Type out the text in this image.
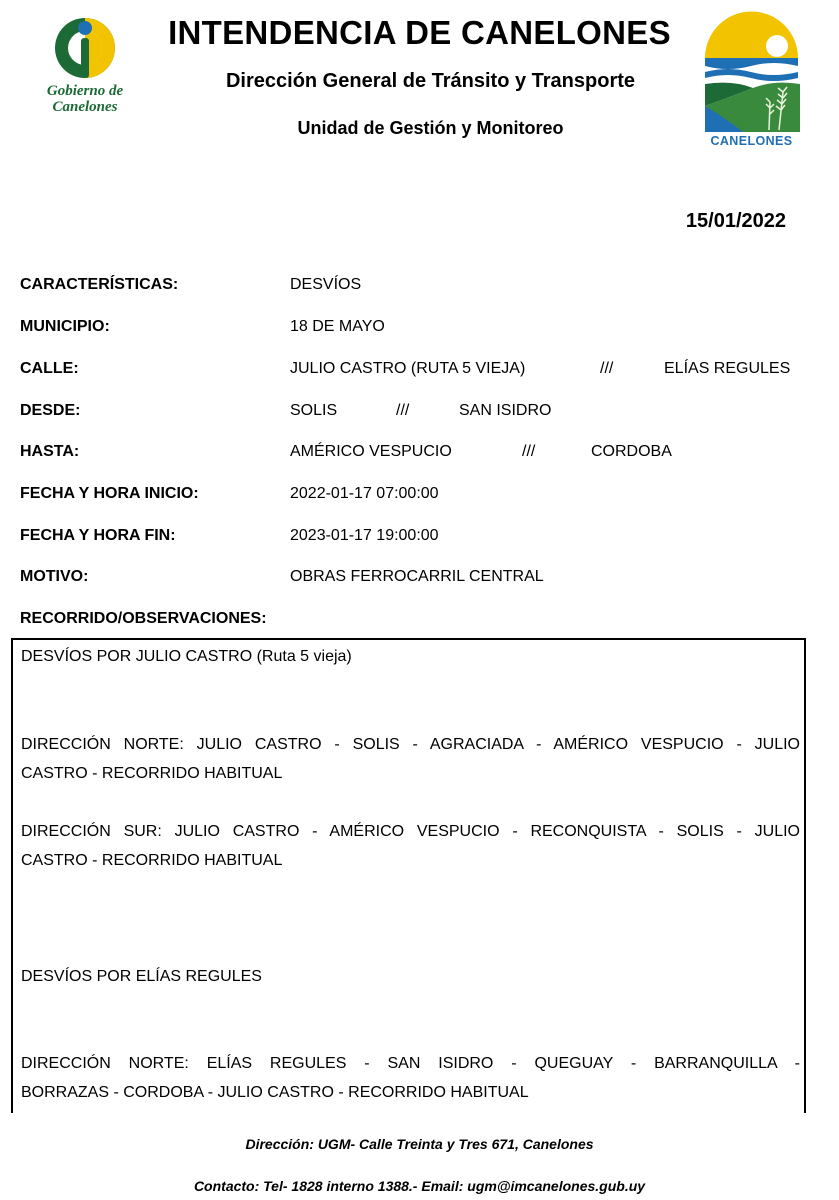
Gobierno de
Canelones
INTENDENCIA DE CANELONES
Dirección General de Tránsito y Transporte
Unidad de Gestión y Monitoreo
CANELONES
15/01/2022
CARACTERÍSTICAS:	DESVÍOS
MUNICIPIO:	18 DE MAYO
CALLE:	JULIO CASTRO (RUTA 5 VIEJA)	///	ELÍAS REGULES
DESDE:	SOLIS	///	SAN ISIDRO
HASTA:	AMÉRICO VESPUCIO	///	CORDOBA
FECHA Y HORA INICIO:	2022-01-17 07:00:00
FECHA Y HORA FIN:	2023-01-17 19:00:00
MOTIVO:	OBRAS FERROCARRIL CENTRAL
RECORRIDO/OBSERVACIONES:
DESVÍOS POR JULIO CASTRO (Ruta 5 vieja)
DIRECCIÓN NORTE: JULIO CASTRO - SOLIS - AGRACIADA - AMÉRICO VESPUCIO - JULIO
CASTRO - RECORRIDO HABITUAL
DIRECCIÓN SUR: JULIO CASTRO - AMÉRICO VESPUCIO - RECONQUISTA - SOLIS - JULIO
CASTRO - RECORRIDO HABITUAL
DESVÍOS POR ELÍAS REGULES
DIRECCIÓN NORTE: ELÍAS REGULES - SAN ISIDRO - QUEGUAY - BARRANQUILLA -
BORRAZAS - CORDOBA - JULIO CASTRO - RECORRIDO HABITUAL
Dirección: UGM- Calle Treinta y Tres 671, Canelones
Contacto: Tel- 1828 interno 1388.- Email: ugm@imcanelones.gub.uy
